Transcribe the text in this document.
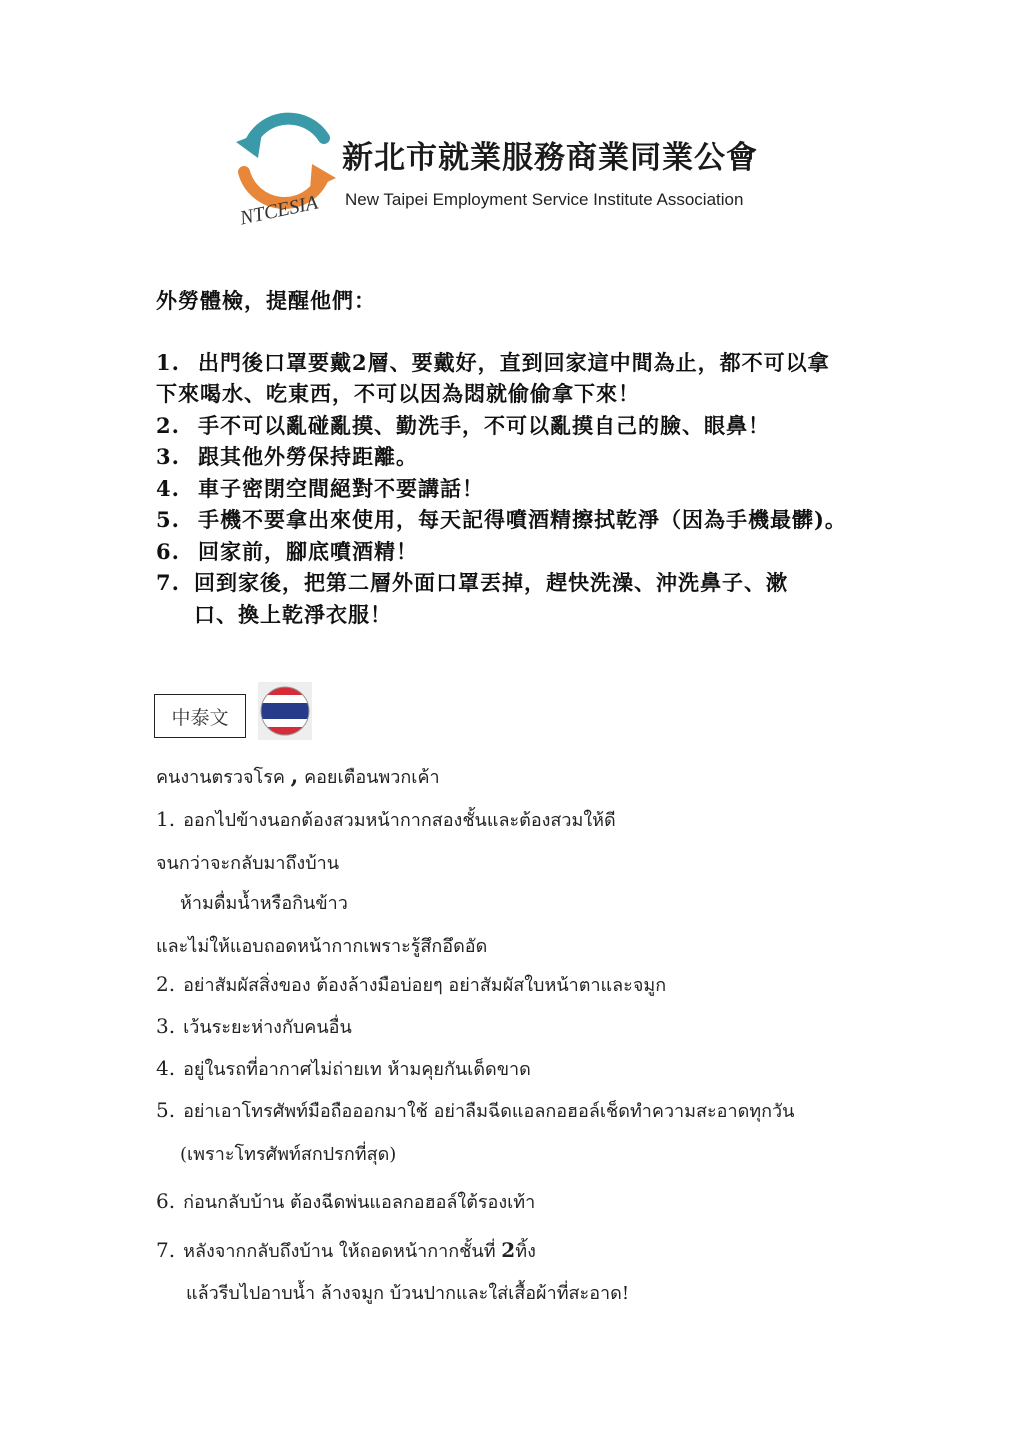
新北市就業服務商業同業公會
New Taipei Employment Service Institute Association
NTCESIA
外勞體檢，提醒他們：
1. 出門後口罩要戴2層、要戴好，直到回家這中間為止，都不可以拿
下來喝水、吃東西，不可以因為悶就偷偷拿下來！
2. 手不可以亂碰亂摸、勤洗手，不可以亂摸自己的臉、眼鼻！
3. 跟其他外勞保持距離。
4. 車子密閉空間絕對不要講話！
5. 手機不要拿出來使用，每天記得噴酒精擦拭乾淨（因為手機最髒)。
6. 回家前，腳底噴酒精！
7. 回到家後，把第二層外面口罩丟掉，趕快洗澡、沖洗鼻子、漱
口、換上乾淨衣服！
中泰文
คนงานตรวจโรค , คอยเตือนพวกเค้า
1. ออกไปข้างนอกต้องสวมหน้ากากสองชั้นและต้องสวมให้ดี
จนกว่าจะกลับมาถึงบ้าน
ห้ามดื่มน้ำหรือกินข้าว
และไม่ให้แอบถอดหน้ากากเพราะรู้สึกอึดอัด
2. อย่าสัมผัสสิ่งของ ต้องล้างมือบ่อยๆ อย่าสัมผัสใบหน้าตาและจมูก
3. เว้นระยะห่างกับคนอื่น
4. อยู่ในรถที่อากาศไม่ถ่ายเท ห้ามคุยกันเด็ดขาด
5. อย่าเอาโทรศัพท์มือถือออกมาใช้ อย่าลืมฉีดแอลกอฮอล์เช็ดทำความสะอาดทุกวัน
(เพราะโทรศัพท์สกปรกที่สุด)
6. ก่อนกลับบ้าน ต้องฉีดพ่นแอลกอฮอล์ใต้รองเท้า
7. หลังจากกลับถึงบ้าน ให้ถอดหน้ากากชั้นที่ 2ทิ้ง
แล้วรีบไปอาบน้ำ ล้างจมูก บ้วนปากและใส่เสื้อผ้าที่สะอาด!
